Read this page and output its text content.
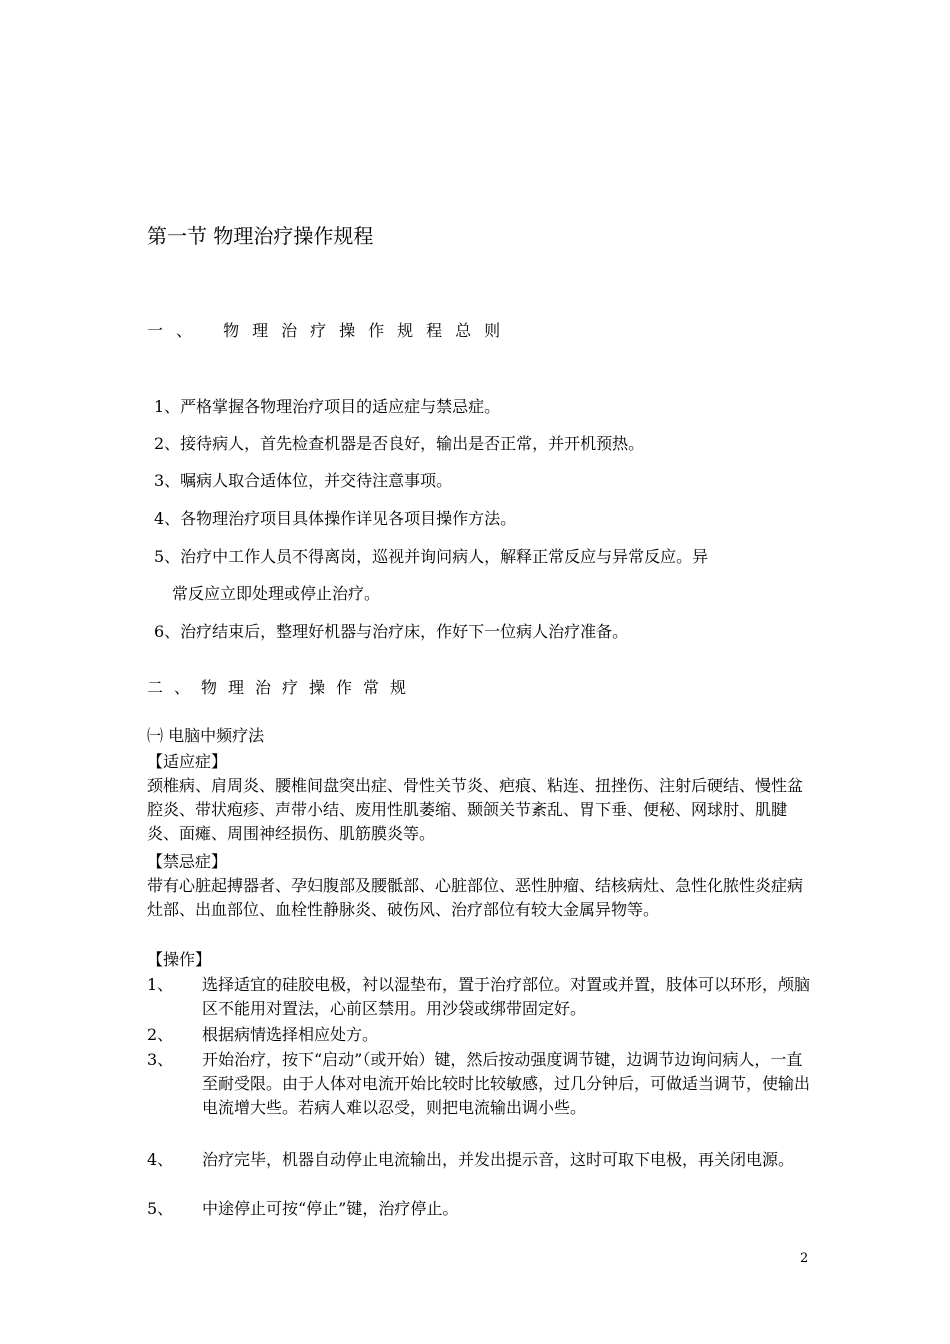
第一节 物理治疗操作规程
一、 物理治疗操作规程总则
1、严格掌握各物理治疗项目的适应症与禁忌症。
2、接待病人，首先检查机器是否良好，输出是否正常，并开机预热。
3、嘱病人取合适体位，并交待注意事项。
4、各物理治疗项目具体操作详见各项目操作方法。
5、治疗中工作人员不得离岗，巡视并询问病人，解释正常反应与异常反应。异
常反应立即处理或停止治疗。
6、治疗结束后，整理好机器与治疗床，作好下一位病人治疗准备。
二、物理治疗操作常规
㈠ 电脑中频疗法
【适应症】
颈椎病、肩周炎、腰椎间盘突出症、骨性关节炎、疤痕、粘连、扭挫伤、注射后硬结、慢性盆腔炎、带状疱疹、声带小结、废用性肌萎缩、颞颌关节紊乱、胃下垂、便秘、网球肘、肌腱炎、面瘫、周围神经损伤、肌筋膜炎等。
【禁忌症】
带有心脏起搏器者、孕妇腹部及腰骶部、心脏部位、恶性肿瘤、结核病灶、急性化脓性炎症病灶部、出血部位、血栓性静脉炎、破伤风、治疗部位有较大金属异物等。
【操作】
1、 选择适宜的硅胶电极，衬以湿垫布，置于治疗部位。对置或并置，肢体可以环形，颅脑区不能用对置法，心前区禁用。用沙袋或绑带固定好。
2、 根据病情选择相应处方。
3、 开始治疗，按下“启动”（或开始）键，然后按动强度调节键，边调节边询问病人，一直至耐受限。由于人体对电流开始比较时比较敏感，过几分钟后，可做适当调节，使输出电流增大些。若病人难以忍受，则把电流输出调小些。
4、 治疗完毕，机器自动停止电流输出，并发出提示音，这时可取下电极，再关闭电源。
5、 中途停止可按“停止”键，治疗停止。
2
